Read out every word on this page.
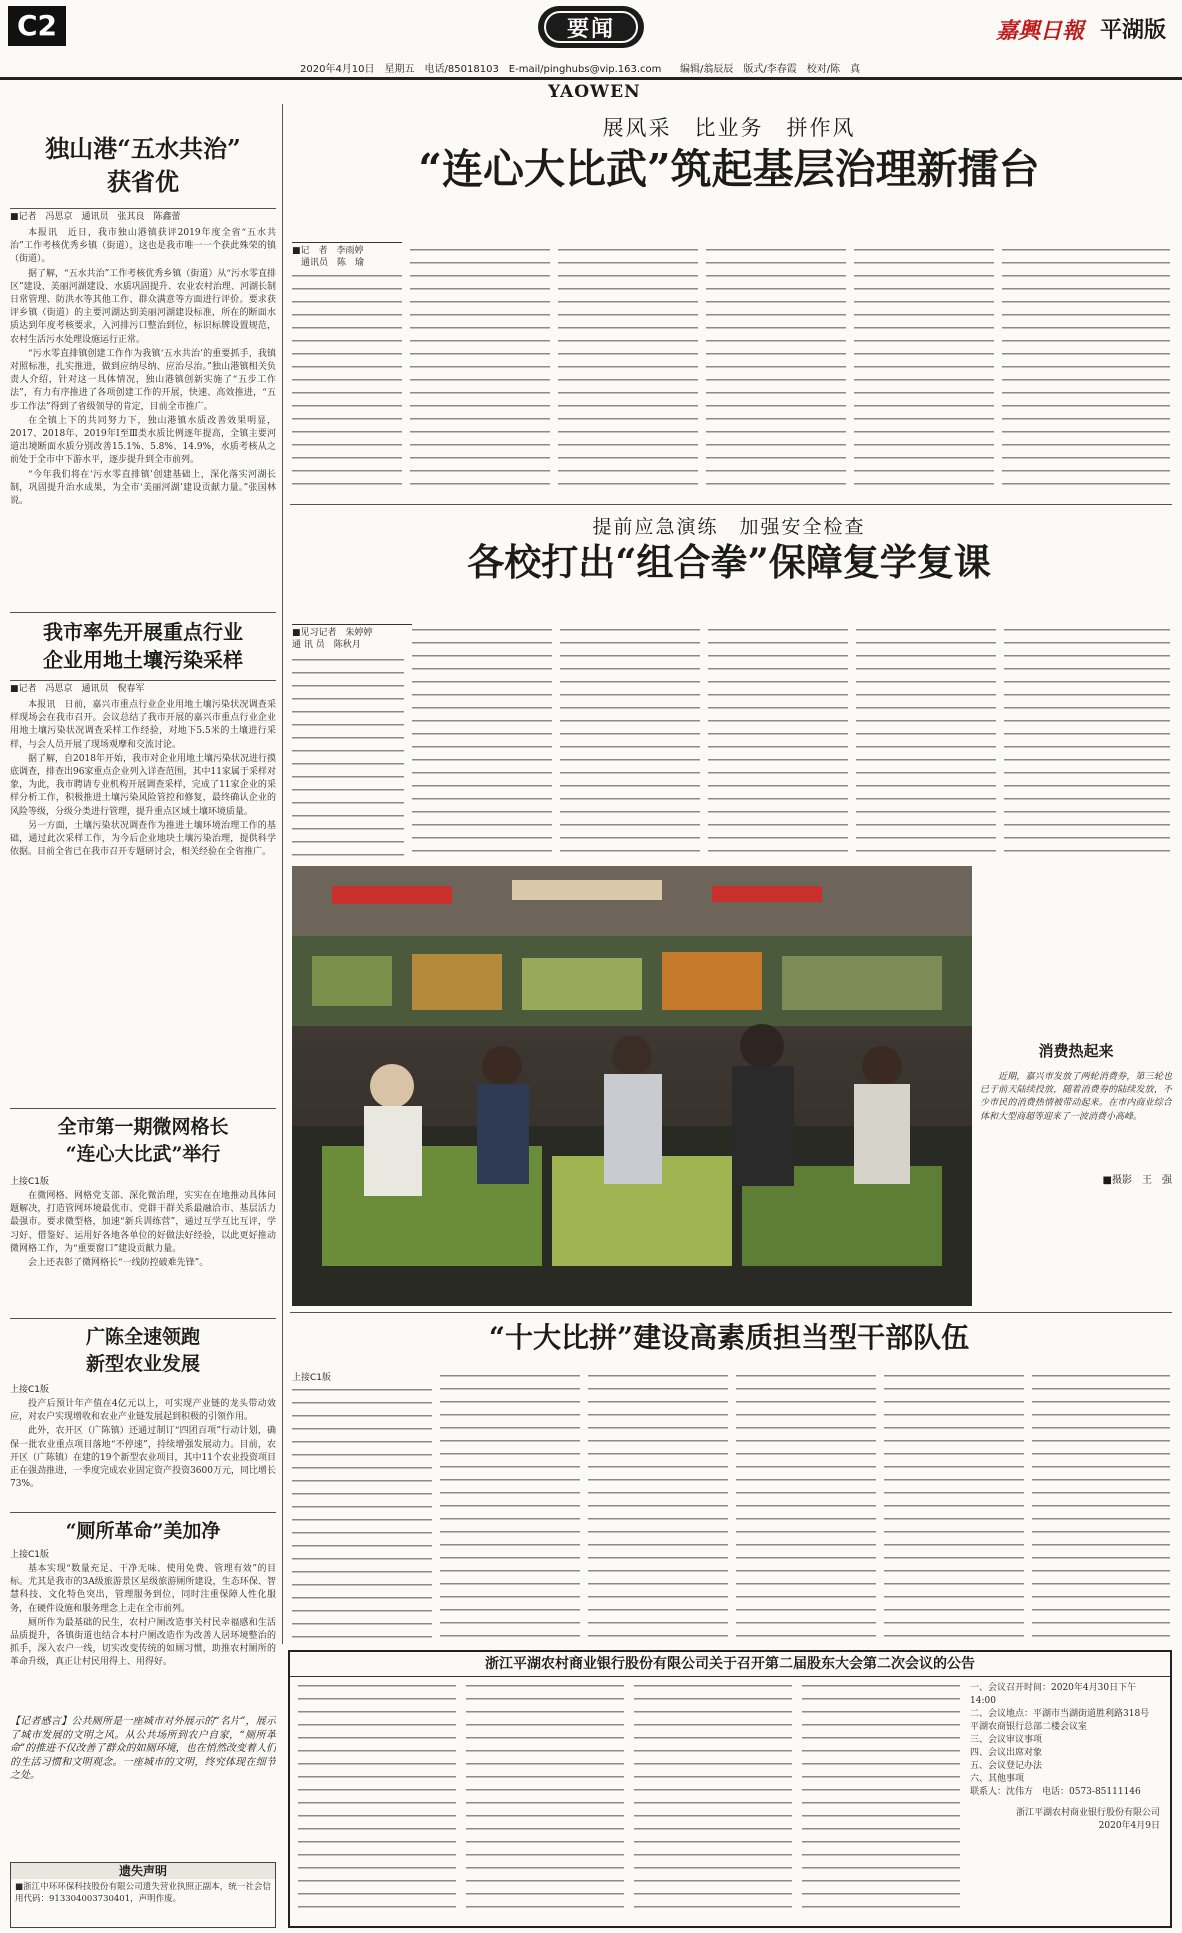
C2	要闻	嘉興日報 平湖版
2020年4月10日　星期五　电话/85018103　E-mail/pinghubs@vip.163.com 编辑/翁辰辰　版式/李春霞　校对/陈　真
YAOWEN
独山港“五水共治”
获省优
■记者　冯思京　通讯员　张其良　陈鑫蕾

本报讯　近日，我市独山港镇获评2019年度全省“五水共治”工作考核优秀乡镇（街道），这也是我市唯一一个获此殊荣的镇（街道）。

据了解，“五水共治”工作考核优秀乡镇（街道）从“污水零直排区”建设、美丽河湖建设、水质巩固提升、农业农村治理、河湖长制日常管理、防洪水等其他工作、群众满意等方面进行评价。要求获评乡镇（街道）的主要河湖达到美丽河湖建设标准，所在的断面水质达到年度考核要求，入河排污口整治到位，标识标牌设置规范，农村生活污水处理设施运行正常。

“污水零直排镇创建工作作为我镇‘五水共治’的重要抓手，我镇对照标准，扎实推进，做到应纳尽纳、应治尽治。”独山港镇相关负责人介绍，针对这一具体情况，独山港镇创新实施了“五步工作法”，有力有序推进了各项创建工作的开展，快速、高效推进，“五步工作法”得到了省级领导的肯定，目前全市推广。

在全镇上下的共同努力下，独山港镇水质改善效果明显，2017、2018年、2019年Ⅰ至Ⅲ类水质比例逐年提高，全镇主要河道出境断面水质分别改善15.1%、5.8%、14.9%，水质考核从之前处于全市中下游水平，逐步提升到全市前列。

“今年我们将在‘污水零直排镇’创建基础上，深化落实河湖长制，巩固提升治水成果，为全市‘美丽河湖’建设贡献力量。”张国林说。

我市率先开展重点行业
企业用地土壤污染采样
■记者　冯思京　通讯员　倪春军

本报讯　日前，嘉兴市重点行业企业用地土壤污染状况调查采样现场会在我市召开。会议总结了我市开展的嘉兴市重点行业企业用地土壤污染状况调查采样工作经验，对地下5.5米的土壤进行采样，与会人员开展了现场观摩和交流讨论。

据了解，自2018年开始，我市对企业用地土壤污染状况进行摸底调查，排查出96家重点企业列入详查范围，其中11家属于采样对象，为此，我市聘请专业机构开展调查采样，完成了11家企业的采样分析工作，积极推进土壤污染风险管控和修复，最终确认企业的风险等级，分级分类进行管理，提升重点区域土壤环境质量。

另一方面，土壤污染状况调查作为推进土壤环境治理工作的基础，通过此次采样工作，为今后企业地块土壤污染治理，提供科学依据。目前全省已在我市召开专题研讨会，相关经验在全省推广。

全市第一期微网格长
“连心大比武”举行
上接C1版

在微网格、网格党支部、深化微治理，实实在在地推动具体问题解决，打造管网环境最优市、党群干群关系最融洽市、基层活力最强市。要求微型格，加速“新兵训练营”，通过互学互比互评，学习好、借鉴好、运用好各地各单位的好做法好经验，以此更好推动微网格工作，为“重要窗口”建设贡献力量。

会上还表彰了微网格长“一线防控破难先锋”。

广陈全速领跑
新型农业发展
上接C1版

投产后预计年产值在4亿元以上，可实现产业链的龙头带动效应，对农户实现增收和农业产业链发展起到积极的引领作用。

此外，农开区（广陈镇）还通过制订“四团百项”行动计划，确保一批农业重点项目落地“不停速”，持续增强发展动力。目前，农开区（广陈镇）在建的19个新型农业项目，其中11个农业投资项目正在强劲推进，一季度完成农业固定资产投资3600万元，同比增长73%。

“厕所革命”美加净
上接C1版

基本实现“数量充足、干净无味、使用免费、管理有效”的目标。尤其是我市的3A级旅游景区星级旅游厕所建设，生态环保、智慧科技、文化特色突出，管理服务到位，同时注重保障人性化服务，在硬件设施和服务理念上走在全市前列。

厕所作为最基础的民生，农村户厕改造事关村民幸福感和生活品质提升，各镇街道也结合本村户厕改造作为改善人居环境整治的抓手，深入农户一线，切实改变传统的如厕习惯，助推农村厕所的革命升级，真正让村民用得上、用得好。

【记者感言】公共厕所是一座城市对外展示的“名片”，展示了城市发展的文明之风。从公共场所到农户自家，“厕所革命”的推进不仅改善了群众的如厕环境，也在悄然改变着人们的生活习惯和文明观念。一座城市的文明，终究体现在细节之处。
遗失声明
■浙江中环环保科技股份有限公司遗失营业执照正副本，统一社会信用代码：913304003730401，声明作废。
展风采　比业务　拼作风
“连心大比武”筑起基层治理新擂台
■记　者　 李雨婷
　通讯员　 陈　瑜
提前应急演练　加强安全检查
各校打出“组合拳”保障复学复课
■见习记者　 朱婷婷
通 讯 员　 陈秋月
消费热起来
近期，嘉兴市发放了两轮消费券，第三轮也已于前天陆续投放，随着消费券的陆续发放，不少市民的消费热情被带动起来。在市内商业综合体和大型商超等迎来了一波消费小高峰。
■摄影　王　强
“十大比拼”建设高素质担当型干部队伍
上接C1版
浙江平湖农村商业银行股份有限公司关于召开第二届股东大会第二次会议的公告
一、会议召开时间：2020年4月30日下午14:00
二、会议地点：平湖市当湖街道胜利路318号　平湖农商银行总部二楼会议室
三、会议审议事项
四、会议出席对象
五、会议登记办法
六、其他事项
联系人：沈伟方　电话：0573-85111146
浙江平湖农村商业银行股份有限公司
2020年4月9日
